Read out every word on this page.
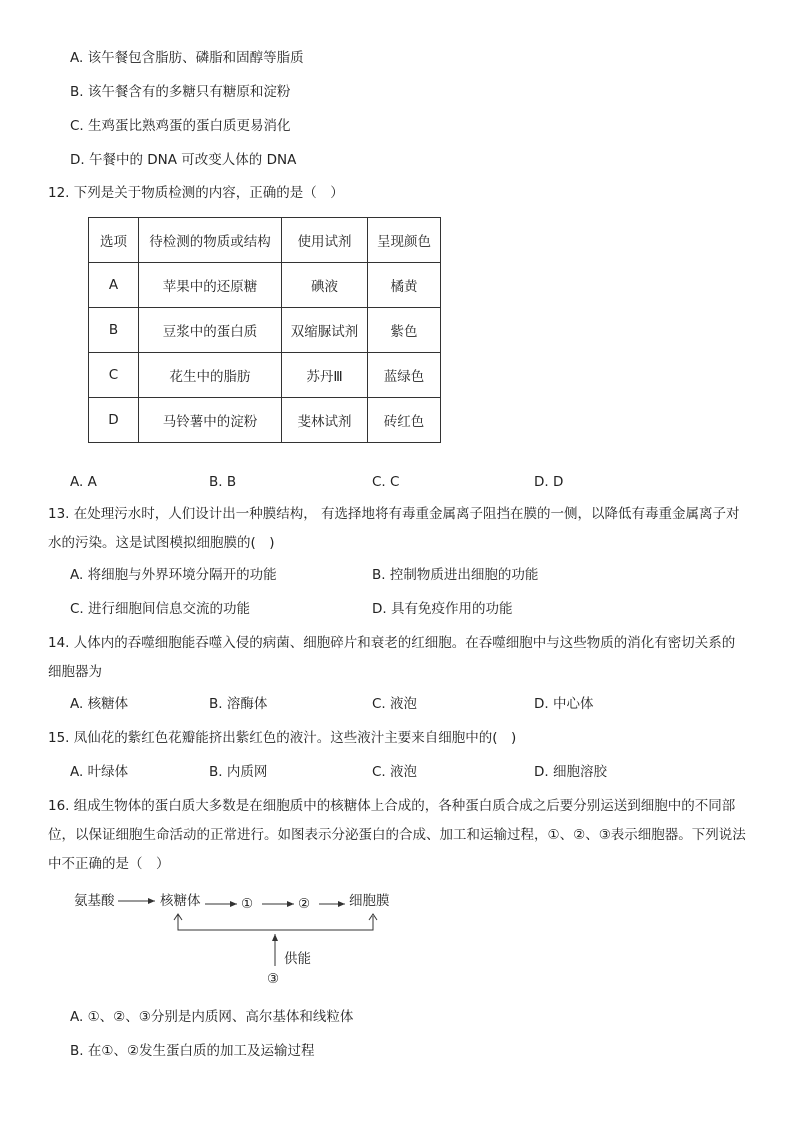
A. 该午餐包含脂肪、磷脂和固醇等脂质
B. 该午餐含有的多糖只有糖原和淀粉
C. 生鸡蛋比熟鸡蛋的蛋白质更易消化
D. 午餐中的 DNA 可改变人体的 DNA
12. 下列是关于物质检测的内容，正确的是（　）
选项	待检测的物质或结构	使用试剂	呈现颜色
A	苹果中的还原糖	碘液	橘黄
B	豆浆中的蛋白质	双缩脲试剂	紫色
C	花生中的脂肪	苏丹Ⅲ	蓝绿色
D	马铃薯中的淀粉	斐林试剂	砖红色
A. A	B. B	C. C	D. D
13. 在处理污水时，人们设计出一种膜结构， 有选择地将有毒重金属离子阻挡在膜的一侧，以降低有毒重金属离子对水的污染。这是试图模拟细胞膜的(　)
A. 将细胞与外界环境分隔开的功能	B. 控制物质进出细胞的功能
C. 进行细胞间信息交流的功能	D. 具有免疫作用的功能
14. 人体内的吞噬细胞能吞噬入侵的病菌、细胞碎片和衰老的红细胞。在吞噬细胞中与这些物质的消化有密切关系的细胞器为
A. 核糖体	B. 溶酶体	C. 液泡	D. 中心体
15. 凤仙花的紫红色花瓣能挤出紫红色的液汁。这些液汁主要来自细胞中的(　)
A. 叶绿体	B. 内质网	C. 液泡	D. 细胞溶胶
16. 组成生物体的蛋白质大多数是在细胞质中的核糖体上合成的，各种蛋白质合成之后要分别运送到细胞中的不同部位，以保证细胞生命活动的正常进行。如图表示分泌蛋白的合成、加工和运输过程，①、②、③表示细胞器。下列说法中不正确的是（　）
氨基酸	核糖体	①	②	细胞膜
供能
③
A. ①、②、③分别是内质网、高尔基体和线粒体
B. 在①、②发生蛋白质的加工及运输过程
